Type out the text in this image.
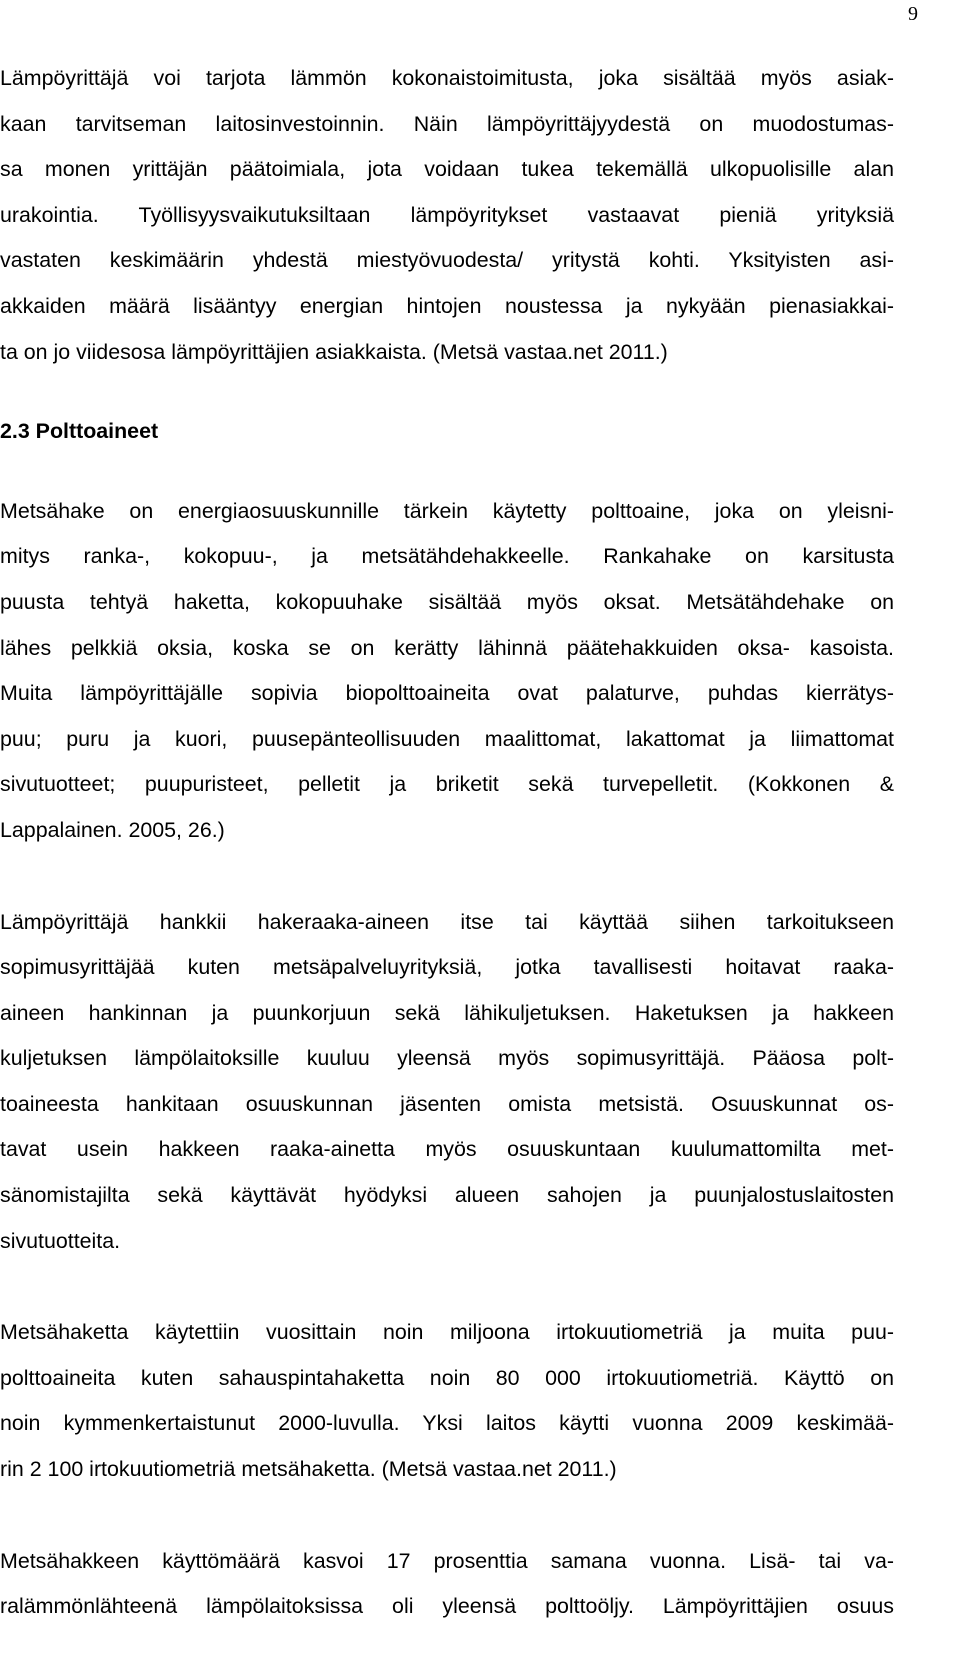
9

Lämpöyrittäjä voi tarjota lämmön kokonaistoimitusta, joka sisältää myös asiak-
kaan tarvitseman laitosinvestoinnin. Näin lämpöyrittäjyydestä on muodostumas-
sa monen yrittäjän päätoimiala, jota voidaan tukea tekemällä ulkopuolisille alan
urakointia. Työllisyysvaikutuksiltaan lämpöyritykset vastaavat pieniä yrityksiä
vastaten keskimäärin yhdestä miestyövuodesta/ yritystä kohti. Yksityisten asi-
akkaiden määrä lisääntyy energian hintojen noustessa ja nykyään pienasiakkai-
ta on jo viidesosa lämpöyrittäjien asiakkaista. (Metsä vastaa.net 2011.)

2.3 Polttoaineet

Metsähake on energiaosuuskunnille tärkein käytetty polttoaine, joka on yleisni-
mitys ranka-, kokopuu-, ja metsätähdehakkeelle. Rankahake on karsitusta
puusta tehtyä haketta, kokopuuhake sisältää myös oksat. Metsätähdehake on
lähes pelkkiä oksia, koska se on kerätty lähinnä päätehakkuiden oksa- kasoista.
Muita lämpöyrittäjälle sopivia biopolttoaineita ovat palaturve, puhdas kierrätys-
puu; puru ja kuori, puusepänteollisuuden maalittomat, lakattomat ja liimattomat
sivutuotteet; puupuristeet, pelletit ja briketit sekä turvepelletit. (Kokkonen &
Lappalainen. 2005, 26.)

Lämpöyrittäjä hankkii hakeraaka-aineen itse tai käyttää siihen tarkoitukseen
sopimusyrittäjää kuten metsäpalveluyrityksiä, jotka tavallisesti hoitavat raaka-
aineen hankinnan ja puunkorjuun sekä lähikuljetuksen. Haketuksen ja hakkeen
kuljetuksen lämpölaitoksille kuuluu yleensä myös sopimusyrittäjä. Pääosa polt-
toaineesta hankitaan osuuskunnan jäsenten omista metsistä. Osuuskunnat os-
tavat usein hakkeen raaka-ainetta myös osuuskuntaan kuulumattomilta met-
sänomistajilta sekä käyttävät hyödyksi alueen sahojen ja puunjalostuslaitosten
sivutuotteita.

Metsähaketta käytettiin vuosittain noin miljoona irtokuutiometriä ja muita puu-
polttoaineita kuten sahauspintahaketta noin 80 000 irtokuutiometriä. Käyttö on
noin kymmenkertaistunut 2000-luvulla. Yksi laitos käytti vuonna 2009 keskimää-
rin 2 100 irtokuutiometriä metsähaketta. (Metsä vastaa.net 2011.)

Metsähakkeen käyttömäärä kasvoi 17 prosenttia samana vuonna. Lisä- tai va-
ralämmönlähteenä lämpölaitoksissa oli yleensä polttoöljy. Lämpöyrittäjien osuus
